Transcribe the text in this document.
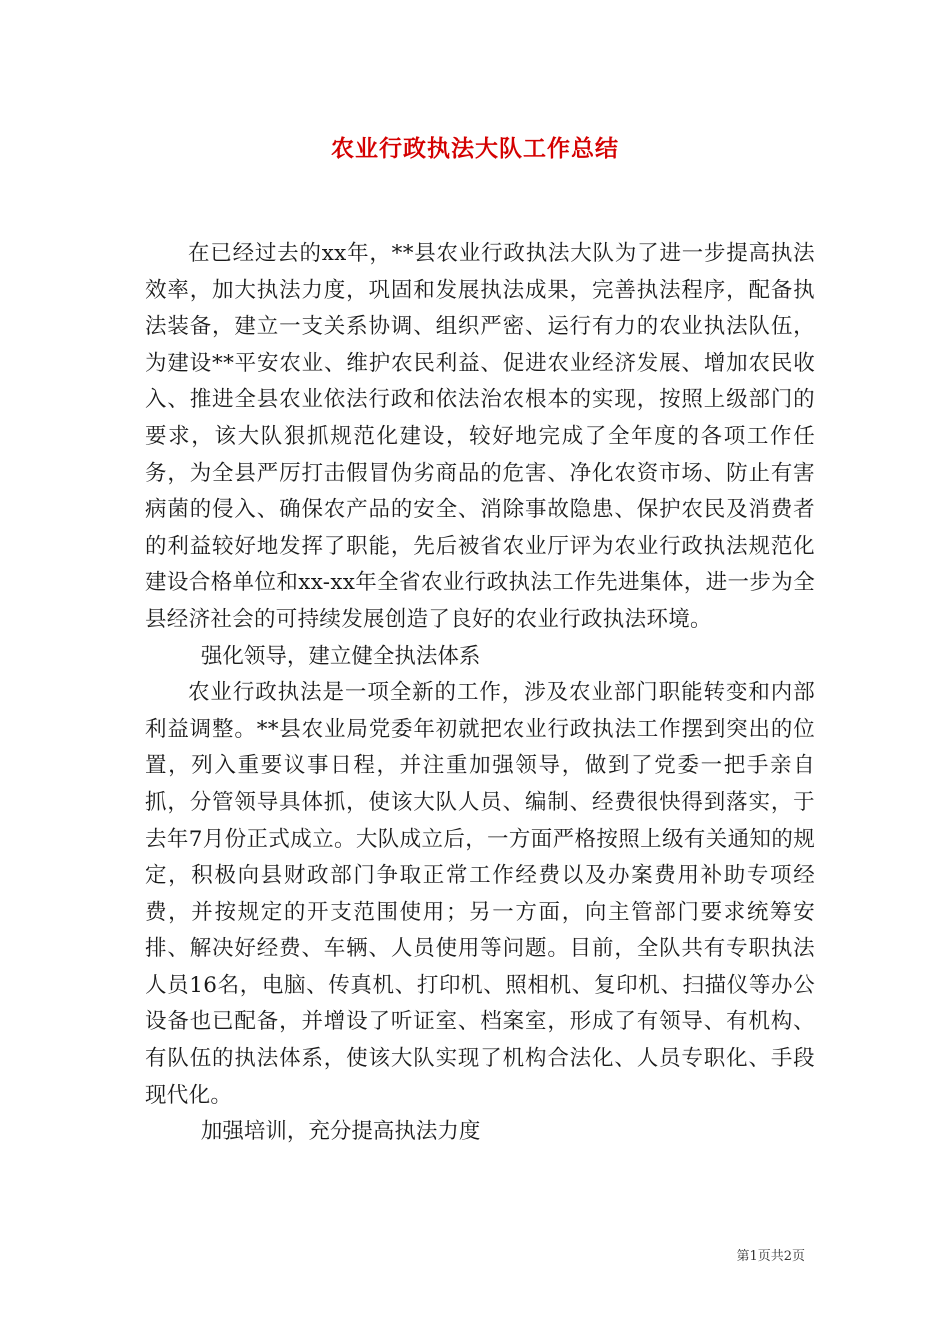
农业行政执法大队工作总结

在已经过去的xx年，**县农业行政执法大队为了进一步提高执法效率，加大执法力度，巩固和发展执法成果，完善执法程序，配备执法装备，建立一支关系协调、组织严密、运行有力的农业执法队伍，为建设**平安农业、维护农民利益、促进农业经济发展、增加农民收入、推进全县农业依法行政和依法治农根本的实现，按照上级部门的要求，该大队狠抓规范化建设，较好地完成了全年度的各项工作任务，为全县严厉打击假冒伪劣商品的危害、净化农资市场、防止有害病菌的侵入、确保农产品的安全、消除事故隐患、保护农民及消费者的利益较好地发挥了职能，先后被省农业厅评为农业行政执法规范化建设合格单位和xx-xx年全省农业行政执法工作先进集体，进一步为全县经济社会的可持续发展创造了良好的农业行政执法环境。

强化领导，建立健全执法体系

农业行政执法是一项全新的工作，涉及农业部门职能转变和内部利益调整。**县农业局党委年初就把农业行政执法工作摆到突出的位置，列入重要议事日程，并注重加强领导，做到了党委一把手亲自抓，分管领导具体抓，使该大队人员、编制、经费很快得到落实，于去年7月份正式成立。大队成立后，一方面严格按照上级有关通知的规定，积极向县财政部门争取正常工作经费以及办案费用补助专项经费，并按规定的开支范围使用；另一方面，向主管部门要求统筹安排、解决好经费、车辆、人员使用等问题。目前，全队共有专职执法人员16名，电脑、传真机、打印机、照相机、复印机、扫描仪等办公设备也已配备，并增设了听证室、档案室，形成了有领导、有机构、有队伍的执法体系，使该大队实现了机构合法化、人员专职化、手段现代化。

加强培训，充分提高执法力度

第1页共2页
